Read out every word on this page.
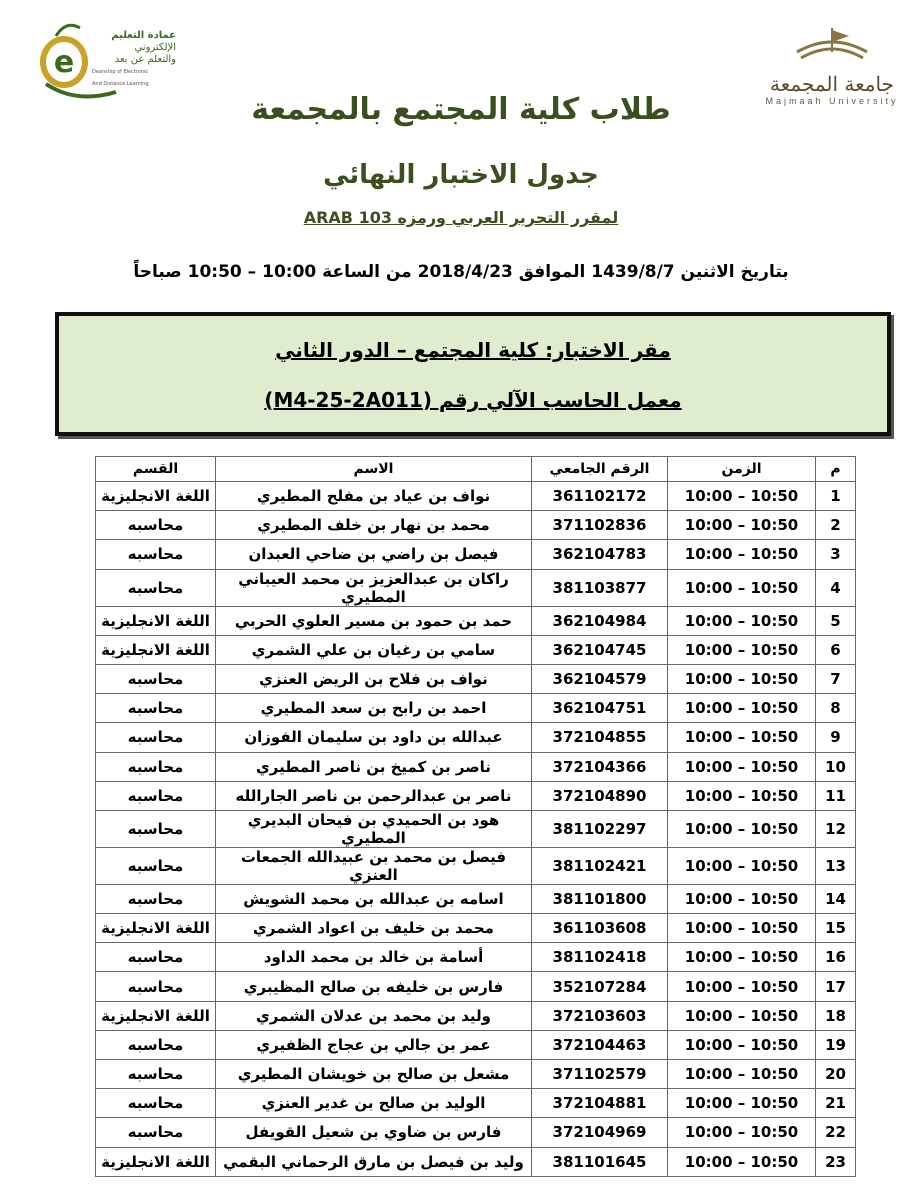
e
عمادة التعليم
الإلكتروني
والتعلم عن بعد
Deanship of Electronic
And Distance Learning	جامعة المجمعة
Majmaah University
طلاب كلية المجتمع بالمجمعة
جدول الاختبار النهائي
لمقرر التحرير العربي ورمزه ARAB 103
بتاريخ الاثنين 1439/8/7 الموافق 2018/4/23 من الساعة 10:00 – 10:50 صباحاً
مقر الاختبار: كلية المجتمع – الدور الثاني
معمل الحاسب الآلي رقم (M4-25-2A011)
م	الزمن	الرقم الجامعي	الاسم	القسم
1	10:00 – 10:50	361102172	نواف بن عياد بن مفلح المطيري	اللغة الانجليزية
2	10:00 – 10:50	371102836	محمد بن نهار بن خلف المطيري	محاسبه
3	10:00 – 10:50	362104783	فيصل بن راضي بن ضاحي العبدان	محاسبه
4	10:00 – 10:50	381103877	راكان بن عبدالعزيز بن محمد العيباني المطيري	محاسبه
5	10:00 – 10:50	362104984	حمد بن حمود بن مسير العلوي الحربي	اللغة الانجليزية
6	10:00 – 10:50	362104745	سامي بن رغيان بن علي الشمري	اللغة الانجليزية
7	10:00 – 10:50	362104579	نواف بن فلاح بن الريض العنزي	محاسبه
8	10:00 – 10:50	362104751	احمد بن رابح بن سعد المطيري	محاسبه
9	10:00 – 10:50	372104855	عبدالله بن داود بن سليمان الفوزان	محاسبه
10	10:00 – 10:50	372104366	ناصر بن كميخ بن ناصر المطيري	محاسبه
11	10:00 – 10:50	372104890	ناصر بن عبدالرحمن بن ناصر الجارالله	محاسبه
12	10:00 – 10:50	381102297	هود بن الحميدي بن فيحان البديري المطيري	محاسبه
13	10:00 – 10:50	381102421	فيصل بن محمد بن عبيدالله الجمعات العنزي	محاسبه
14	10:00 – 10:50	381101800	اسامه بن عبدالله بن محمد الشويش	محاسبه
15	10:00 – 10:50	361103608	محمد بن خليف بن اعواد الشمري	اللغة الانجليزية
16	10:00 – 10:50	381102418	أسامة بن خالد بن محمد الداود	محاسبه
17	10:00 – 10:50	352107284	فارس بن خليفه بن صالح المظيبري	محاسبه
18	10:00 – 10:50	372103603	وليد بن محمد بن عدلان الشمري	اللغة الانجليزية
19	10:00 – 10:50	372104463	عمر بن جالي بن عجاج الظفيري	محاسبه
20	10:00 – 10:50	371102579	مشعل بن صالح بن خويشان المطيري	محاسبه
21	10:00 – 10:50	372104881	الوليد بن صالح بن غدير العنزي	محاسبه
22	10:00 – 10:50	372104969	فارس بن ضاوي بن شعيل القويفل	محاسبه
23	10:00 – 10:50	381101645	وليد بن فيصل بن مارق الرحماني البقمي	اللغة الانجليزية
